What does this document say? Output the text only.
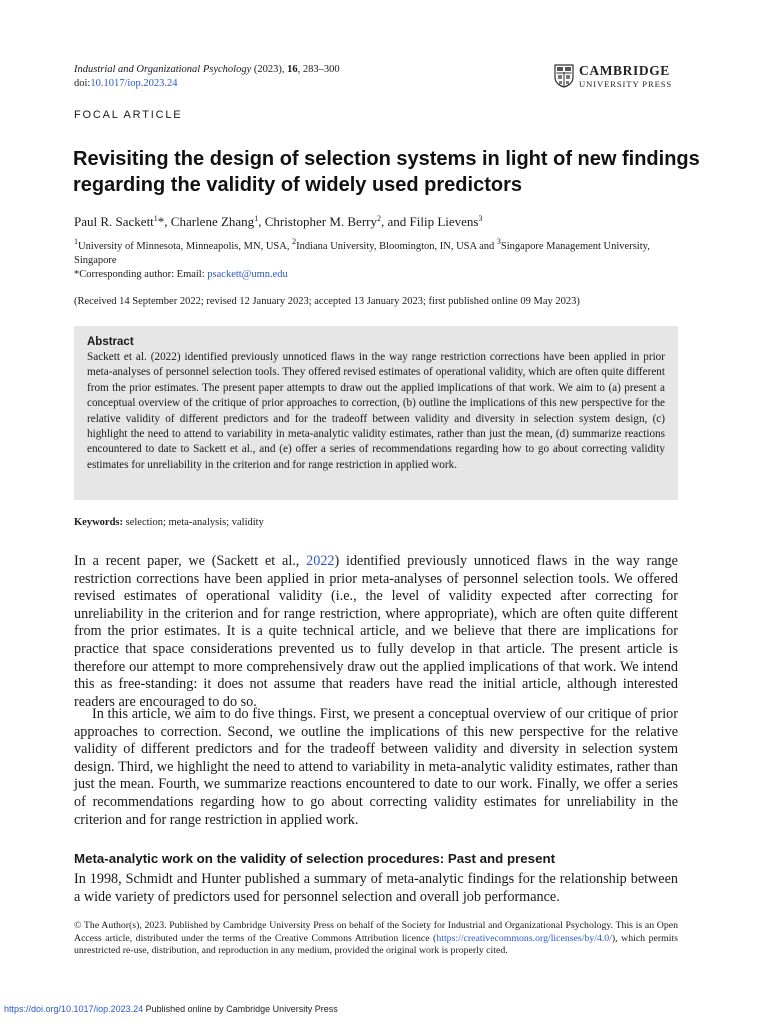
Industrial and Organizational Psychology (2023), 16, 283–300
doi:10.1017/iop.2023.24
CAMBRIDGE
UNIVERSITY PRESS
FOCAL ARTICLE
Revisiting the design of selection systems in light of new findings regarding the validity of widely used predictors
Paul R. Sackett$^1$*, Charlene Zhang$^1$, Christopher M. Berry$^2$, and Filip Lievens$^3$
$^1$University of Minnesota, Minneapolis, MN, USA, $^2$Indiana University, Bloomington, IN, USA and $^3$Singapore Management University, Singapore
*Corresponding author: Email: psackett@umn.edu
(Received 14 September 2022; revised 12 January 2023; accepted 13 January 2023; first published online 09 May 2023)
Abstract
Sackett et al. (2022) identified previously unnoticed flaws in the way range restriction corrections have been applied in prior meta-analyses of personnel selection tools. They offered revised estimates of operational validity, which are often quite different from the prior estimates. The present paper attempts to draw out the applied implications of that work. We aim to (a) present a conceptual overview of the critique of prior approaches to correction, (b) outline the implications of this new perspective for the relative validity of different predictors and for the tradeoff between validity and diversity in selection system design, (c) highlight the need to attend to variability in meta-analytic validity estimates, rather than just the mean, (d) summarize reactions encountered to date to Sackett et al., and (e) offer a series of recommendations regarding how to go about correcting validity estimates for unreliability in the criterion and for range restriction in applied work.
Keywords: selection; meta-analysis; validity

In a recent paper, we (Sackett et al., 2022) identified previously unnoticed flaws in the way range restriction corrections have been applied in prior meta-analyses of personnel selection tools. We offered revised estimates of operational validity (i.e., the level of validity expected after correcting for unreliability in the criterion and for range restriction, where appropriate), which are often quite different from the prior estimates. It is a quite technical article, and we believe that there are implications for practice that space considerations prevented us to fully develop in that article. The present article is therefore our attempt to more comprehensively draw out the applied implications of that work. We intend this as free-standing: it does not assume that readers have read the initial article, although interested readers are encouraged to do so.

In this article, we aim to do five things. First, we present a conceptual overview of our critique of prior approaches to correction. Second, we outline the implications of this new perspective for the relative validity of different predictors and for the tradeoff between validity and diversity in selection system design. Third, we highlight the need to attend to variability in meta-analytic validity estimates, rather than just the mean. Fourth, we summarize reactions encountered to date to our work. Finally, we offer a series of recommendations regarding how to go about correcting validity estimates for unreliability in the criterion and for range restriction in applied work.

Meta-analytic work on the validity of selection procedures: Past and present

In 1998, Schmidt and Hunter published a summary of meta-analytic findings for the relationship between a wide variety of predictors used for personnel selection and overall job performance.

© The Author(s), 2023. Published by Cambridge University Press on behalf of the Society for Industrial and Organizational Psychology. This is an Open Access article, distributed under the terms of the Creative Commons Attribution licence (https://creativecommons.org/licenses/by/4.0/), which permits unrestricted re-use, distribution, and reproduction in any medium, provided the original work is properly cited.
https://doi.org/10.1017/iop.2023.24 Published online by Cambridge University Press
